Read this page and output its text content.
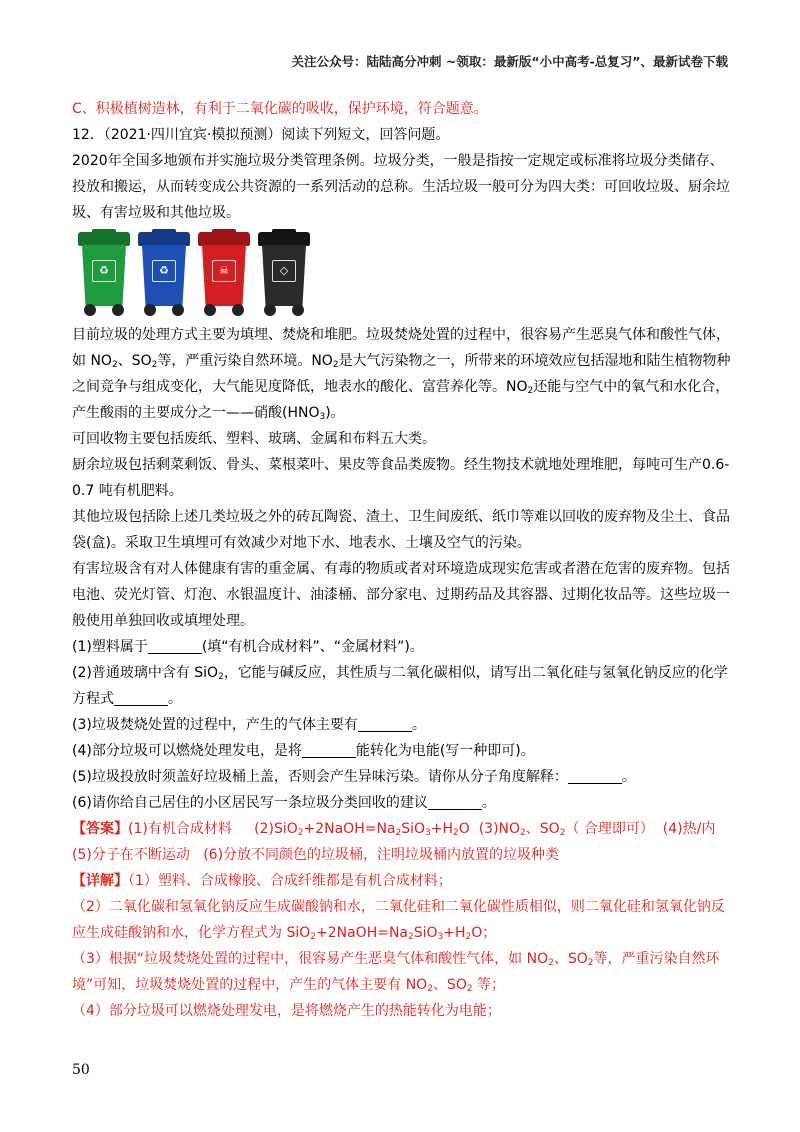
关注公众号：陆陆高分冲刺 ~领取：最新版“小中高考-总复习”、最新试卷下载
C、积极植树造林，有利于二氧化碳的吸收，保护环境，符合题意。
12．（2021·四川宜宾·模拟预测）阅读下列短文，回答问题。
2020年全国多地颁布并实施垃圾分类管理条例。垃圾分类，一般是指按一定规定或标准将垃圾分类储存、投放和搬运，从而转变成公共资源的一系列活动的总称。生活垃圾一般可分为四大类：可回收垃圾、厨余垃圾、有害垃圾和其他垃圾。
♻	♻	☠	◇
目前垃圾的处理方式主要为填埋、焚烧和堆肥。垃圾焚烧处置的过程中，很容易产生恶臭气体和酸性气体，如 $NO_2$、$SO_2$等，严重污染自然环境。$NO_2$是大气污染物之一，所带来的环境效应包括湿地和陆生植物物种之间竞争与组成变化，大气能见度降低，地表水的酸化、富营养化等。$NO_2$还能与空气中的氧气和水化合，产生酸雨的主要成分之一——硝酸$(HNO_3)$。
可回收物主要包括废纸、塑料、玻璃、金属和布料五大类。
厨余垃圾包括剩菜剩饭、骨头、菜根菜叶、果皮等食品类废物。经生物技术就地处理堆肥，每吨可生产0.6-0.7 吨有机肥料。
其他垃圾包括除上述几类垃圾之外的砖瓦陶瓷、渣土、卫生间废纸、纸巾等难以回收的废弃物及尘土、食品袋(盒)。采取卫生填埋可有效减少对地下水、地表水、土壤及空气的污染。
有害垃圾含有对人体健康有害的重金属、有毒的物质或者对环境造成现实危害或者潜在危害的废弃物。包括电池、荧光灯管、灯泡、水银温度计、油漆桶、部分家电、过期药品及其容器、过期化妆品等。这些垃圾一般使用单独回收或填埋处理。
(1)塑料属于	(填“有机合成材料”、“金属材料”)。
(2)普通玻璃中含有 SiO$_2$，它能与碱反应，其性质与二氧化碳相似，请写出二氧化硅与氢氧化钠反应的化学方程式	。
(3)垃圾焚烧处置的过程中，产生的气体主要有	。
(4)部分垃圾可以燃烧处理发电，是将	能转化为电能(写一种即可)。
(5)垃圾投放时须盖好垃圾桶上盖，否则会产生异味污染。请你从分子角度解释：	。
(6)请你给自己居住的小区居民写一条垃圾分类回收的建议	。
【答案】(1)有机合成材料 $(2)SiO_2+2NaOH=Na_2SiO_3+H_2O$ $(3)NO_2$、$SO_2$（ 合理即可） (4)热/内
(5)分子在不断运动 (6)分放不同颜色的垃圾桶，注明垃圾桶内放置的垃圾种类
【详解】（1）塑料、合成橡胶、合成纤维都是有机合成材料；
（2）二氧化碳和氢氧化钠反应生成碳酸钠和水，二氧化硅和二氧化碳性质相似，则二氧化硅和氢氧化钠反应生成硅酸钠和水，化学方程式为 $SiO_2+2NaOH=Na_2SiO_3+H_2O$；
（3）根据“垃圾焚烧处置的过程中，很容易产生恶臭气体和酸性气体，如 $NO_2$、$SO_2$等，严重污染自然环境”可知，垃圾焚烧处置的过程中，产生的气体主要有 $NO_2$、$SO_2$ 等；
（4）部分垃圾可以燃烧处理发电，是将燃烧产生的热能转化为电能；
50
